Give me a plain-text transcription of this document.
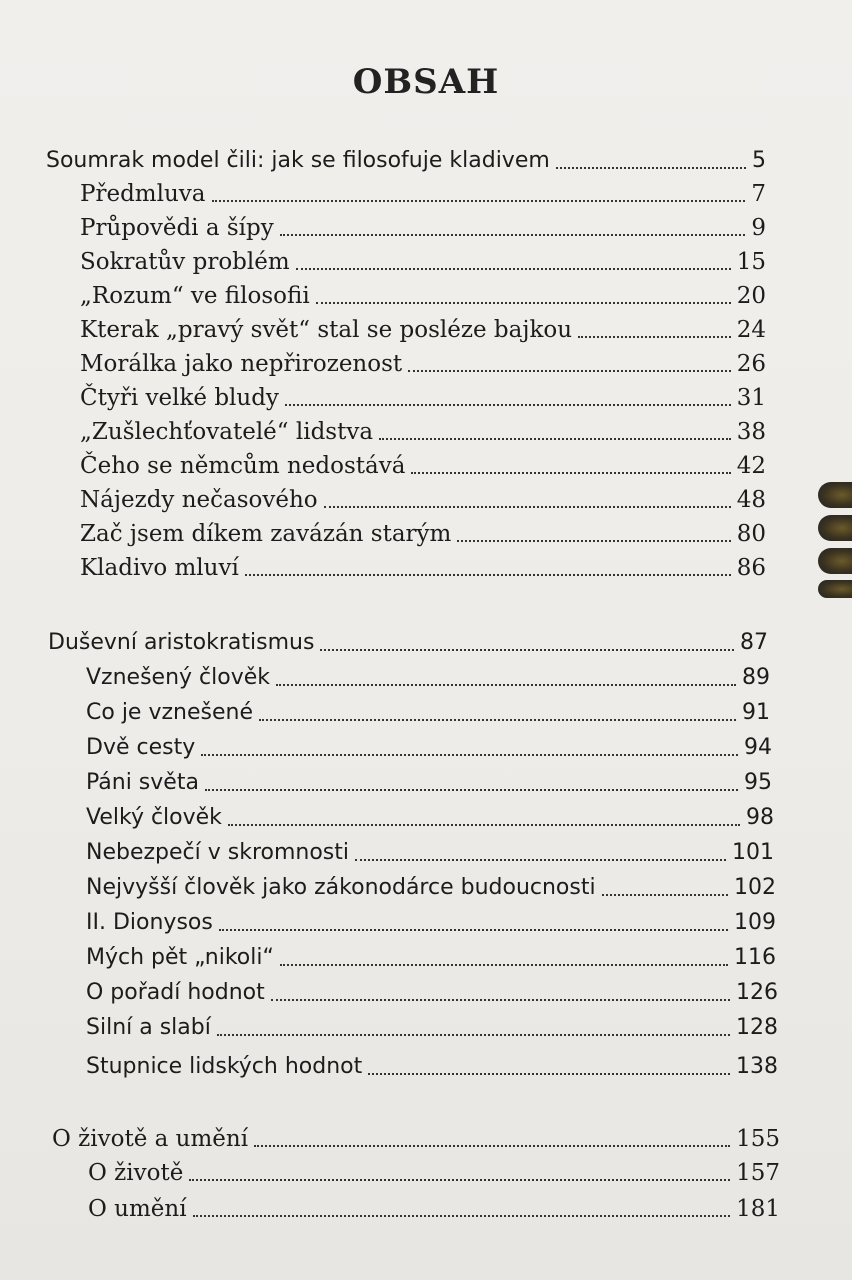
OBSAH
Soumrak model čili: jak se filosofuje kladivem	5
Předmluva	7
Průpovědi a šípy	9
Sokratův problém	15
„Rozum“ ve filosofii	20
Kterak „pravý svět“ stal se posléze bajkou	24
Morálka jako nepřirozenost	26
Čtyři velké bludy	31
„Zušlechťovatelé“ lidstva	38
Čeho se němcům nedostává	42
Nájezdy nečasového	48
Zač jsem díkem zavázán starým	80
Kladivo mluví	86
Duševní aristokratismus	87
Vznešený člověk	89
Co je vznešené	91
Dvě cesty	94
Páni světa	95
Velký člověk	98
Nebezpečí v skromnosti	101
Nejvyšší člověk jako zákonodárce budoucnosti	102
II. Dionysos	109
Mých pět „nikoli“	116
O pořadí hodnot	126
Silní a slabí	128
Stupnice lidských hodnot	138
O životě a umění	155
O životě	157
O umění	181
